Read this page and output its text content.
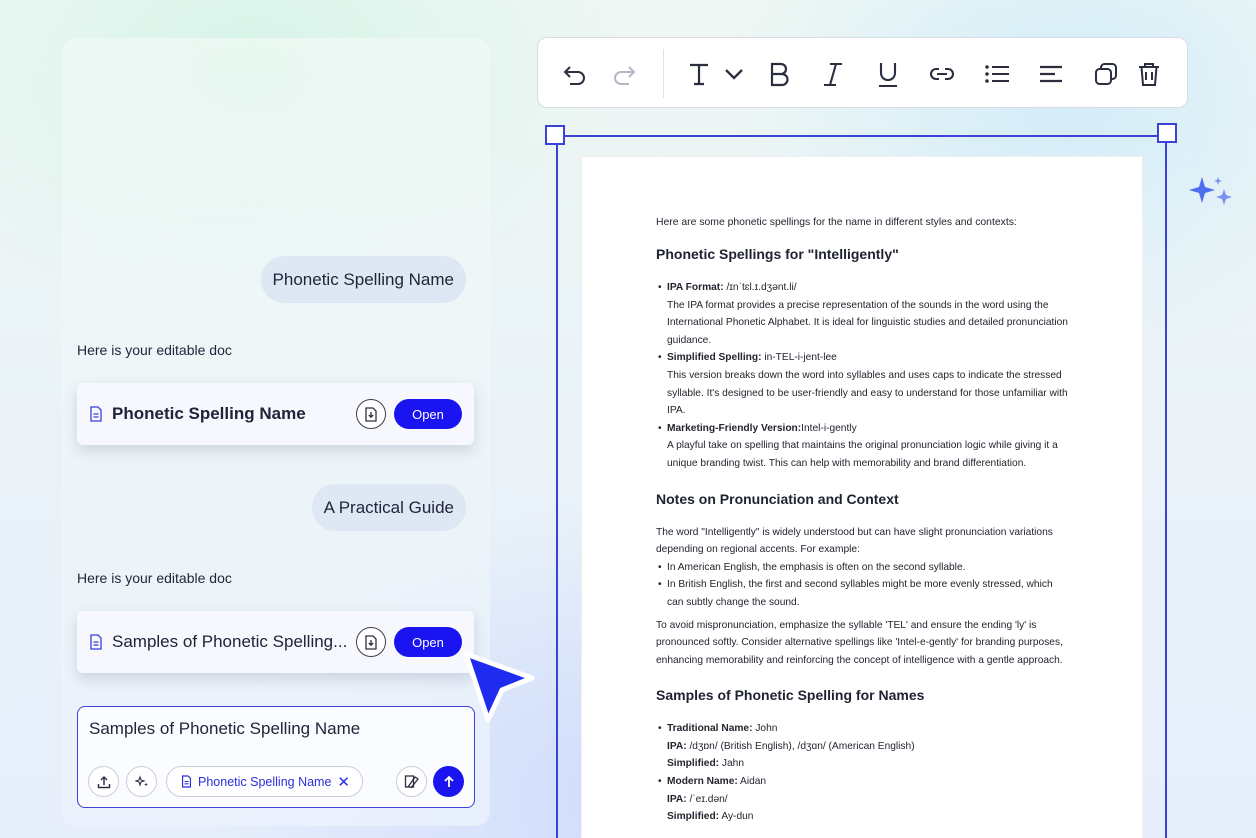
Phonetic Spelling Name
Here is your editable doc
Phonetic Spelling Name	Open
A Practical Guide
Here is your editable doc
Samples of Phonetic Spelling...	Open
Samples of Phonetic Spelling Name
Phonetic Spelling Name ✕
Here are some phonetic spellings for the name in different styles and contexts:
Phonetic Spellings for "Intelligently"
• IPA Format: /ɪnˈtɛl.ɪ.dʒənt.li/
The IPA format provides a precise representation of the sounds in the word using the International Phonetic Alphabet. It is ideal for linguistic studies and detailed pronunciation guidance.
• Simplified Spelling: in-TEL-i-jent-lee
This version breaks down the word into syllables and uses caps to indicate the stressed syllable. It's designed to be user-friendly and easy to understand for those unfamiliar with IPA.
• Marketing-Friendly Version:Intel-i-gently
A playful take on spelling that maintains the original pronunciation logic while giving it a unique branding twist. This can help with memorability and brand differentiation.
Notes on Pronunciation and Context

The word "Intelligently" is widely understood but can have slight pronunciation variations depending on regional accents. For example:

• In American English, the emphasis is often on the second syllable.
• In British English, the first and second syllables might be more evenly stressed, which can subtly change the sound.

To avoid mispronunciation, emphasize the syllable 'TEL' and ensure the ending 'ly' is pronounced softly. Consider alternative spellings like 'Intel-e-gently' for branding purposes, enhancing memorability and reinforcing the concept of intelligence with a gentle approach.

Samples of Phonetic Spelling for Names
• Traditional Name: John
IPA: /dʒɒn/ (British English), /dʒɑn/ (American English)
Simplified: Jahn
• Modern Name: Aidan
IPA: /ˈeɪ.dən/
Simplified: Ay-dun
